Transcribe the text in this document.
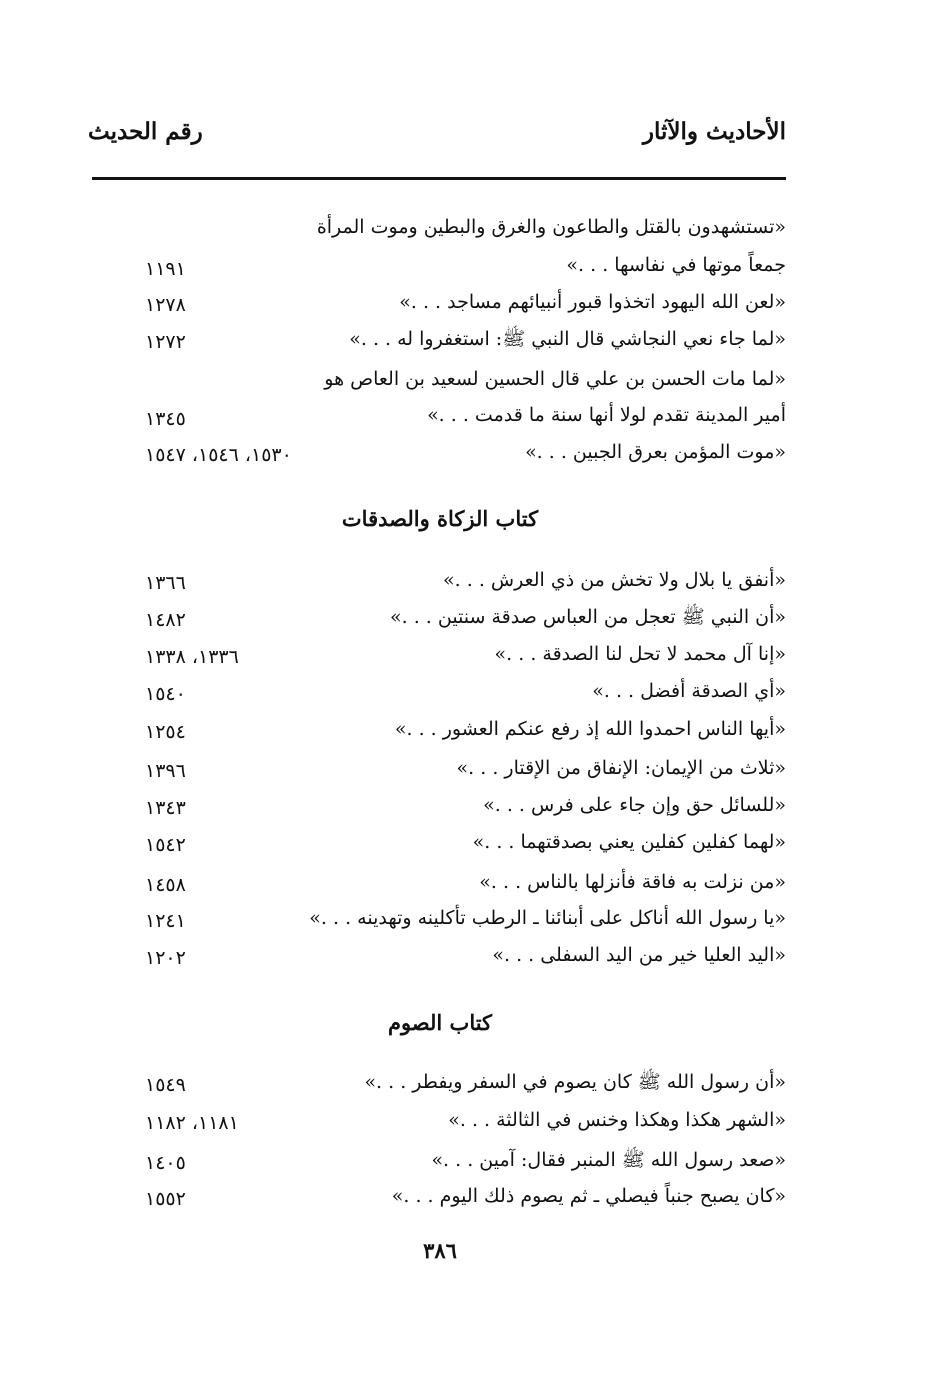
الأحاديث والآثار
رقم الحديث
«تستشهدون بالقتل والطاعون والغرق والبطين وموت المرأة
جمعاً موتها في نفاسها . . .»
١١٩١
«لعن الله اليهود اتخذوا قبور أنبيائهم مساجد . . .»
١٢٧٨
«لما جاء نعي النجاشي قال النبي ﷺ: استغفروا له . . .»
١٢٧٢
«لما مات الحسن بن علي قال الحسين لسعيد بن العاص هو
أمير المدينة تقدم لولا أنها سنة ما قدمت . . .»
١٣٤٥
«موت المؤمن بعرق الجبين . . .»
١٥٣٠، ١٥٤٦، ١٥٤٧
كتاب الزكاة والصدقات
«أنفق يا بلال ولا تخش من ذي العرش . . .»
١٣٦٦
«أن النبي ﷺ تعجل من العباس صدقة سنتين . . .»
١٤٨٢
«إنا آل محمد لا تحل لنا الصدقة . . .»
١٣٣٦، ١٣٣٨
«أي الصدقة أفضل . . .»
١٥٤٠
«أيها الناس احمدوا الله إذ رفع عنكم العشور . . .»
١٢٥٤
«ثلاث من الإيمان: الإنفاق من الإقتار . . .»
١٣٩٦
«للسائل حق وإن جاء على فرس . . .»
١٣٤٣
«لهما كفلين كفلين يعني بصدقتهما . . .»
١٥٤٢
«من نزلت به فاقة فأنزلها بالناس . . .»
١٤٥٨
«يا رسول الله أناكل على أبنائنا ـ الرطب تأكلينه وتهدينه . . .»
١٢٤١
«اليد العليا خير من اليد السفلى . . .»
١٢٠٢
كتاب الصوم
«أن رسول الله ﷺ كان يصوم في السفر ويفطر . . .»
١٥٤٩
«الشهر هكذا وهكذا وخنس في الثالثة . . .»
١١٨١، ١١٨٢
«صعد رسول الله ﷺ المنبر فقال: آمين . . .»
١٤٠٥
«كان يصبح جنباً فيصلي ـ ثم يصوم ذلك اليوم . . .»
١٥٥٢
٣٨٦
